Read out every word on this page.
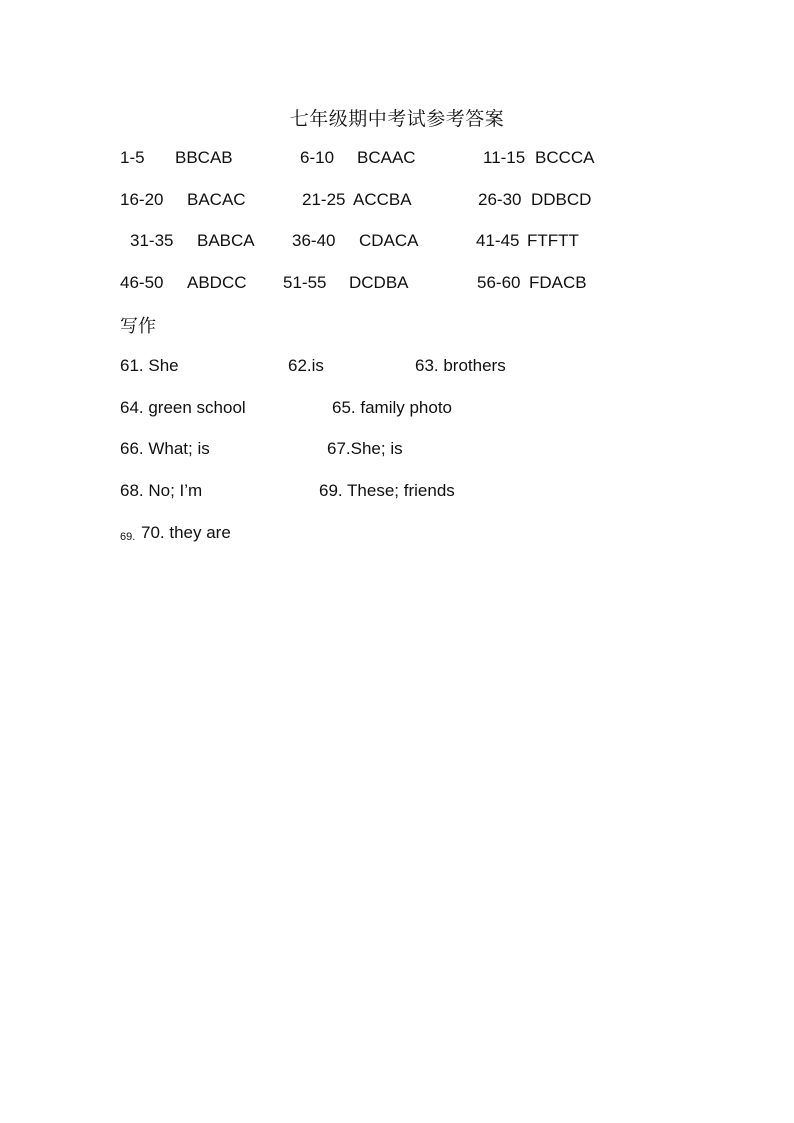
七年级期中考试参考答案
1-5 BBCAB	6-10 BCAAC	11-15 BCCCA
16-20 BACAC	21-25 ACCBA	26-30 DDBCD
31-35 BABCA 36-40 CDACA	41-45 FTFTT
46-50 ABDCC 51-55 DCDBA	56-60 FDACB
写作
61. She	62.is	63. brothers
64. green school	65. family photo
66. What; is	67.She; is
68. No; I’m	69. These; friends
69. 70. they are
